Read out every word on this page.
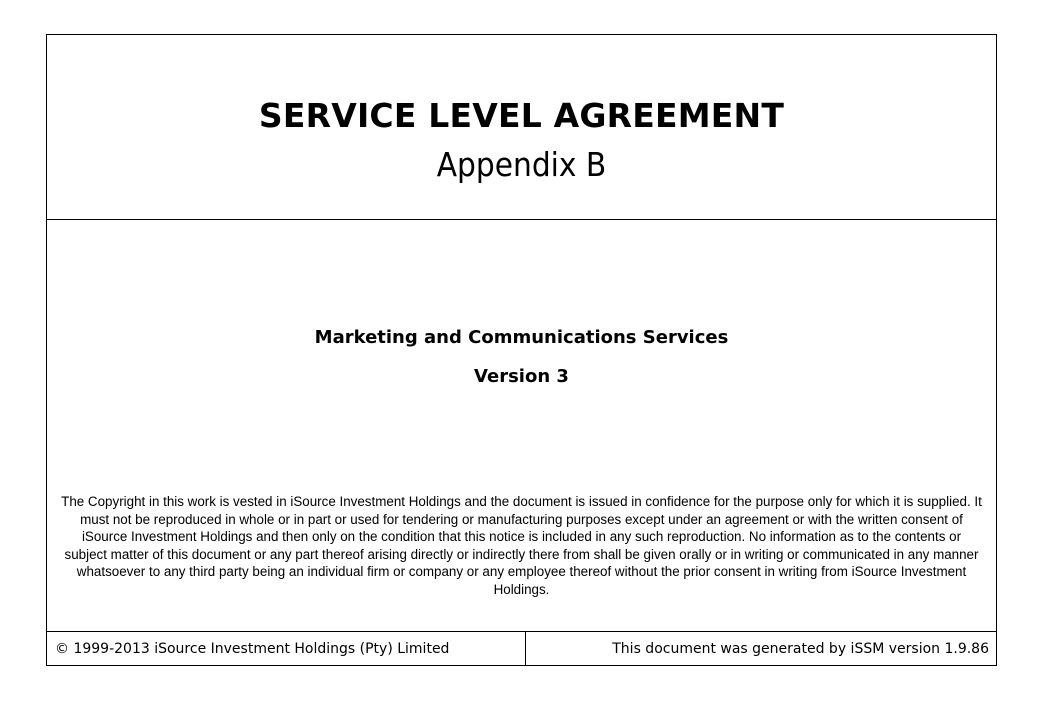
SERVICE LEVEL AGREEMENT
Appendix B
Marketing and Communications Services
Version 3
The Copyright in this work is vested in iSource Investment Holdings and the document is issued in confidence for the purpose only for which it is supplied. It must not be reproduced in whole or in part or used for tendering or manufacturing purposes except under an agreement or with the written consent of iSource Investment Holdings and then only on the condition that this notice is included in any such reproduction. No information as to the contents or subject matter of this document or any part thereof arising directly or indirectly there from shall be given orally or in writing or communicated in any manner whatsoever to any third party being an individual firm or company or any employee thereof without the prior consent in writing from iSource Investment Holdings.
© 1999-2013 iSource Investment Holdings (Pty) Limited	This document was generated by iSSM version 1.9.86
